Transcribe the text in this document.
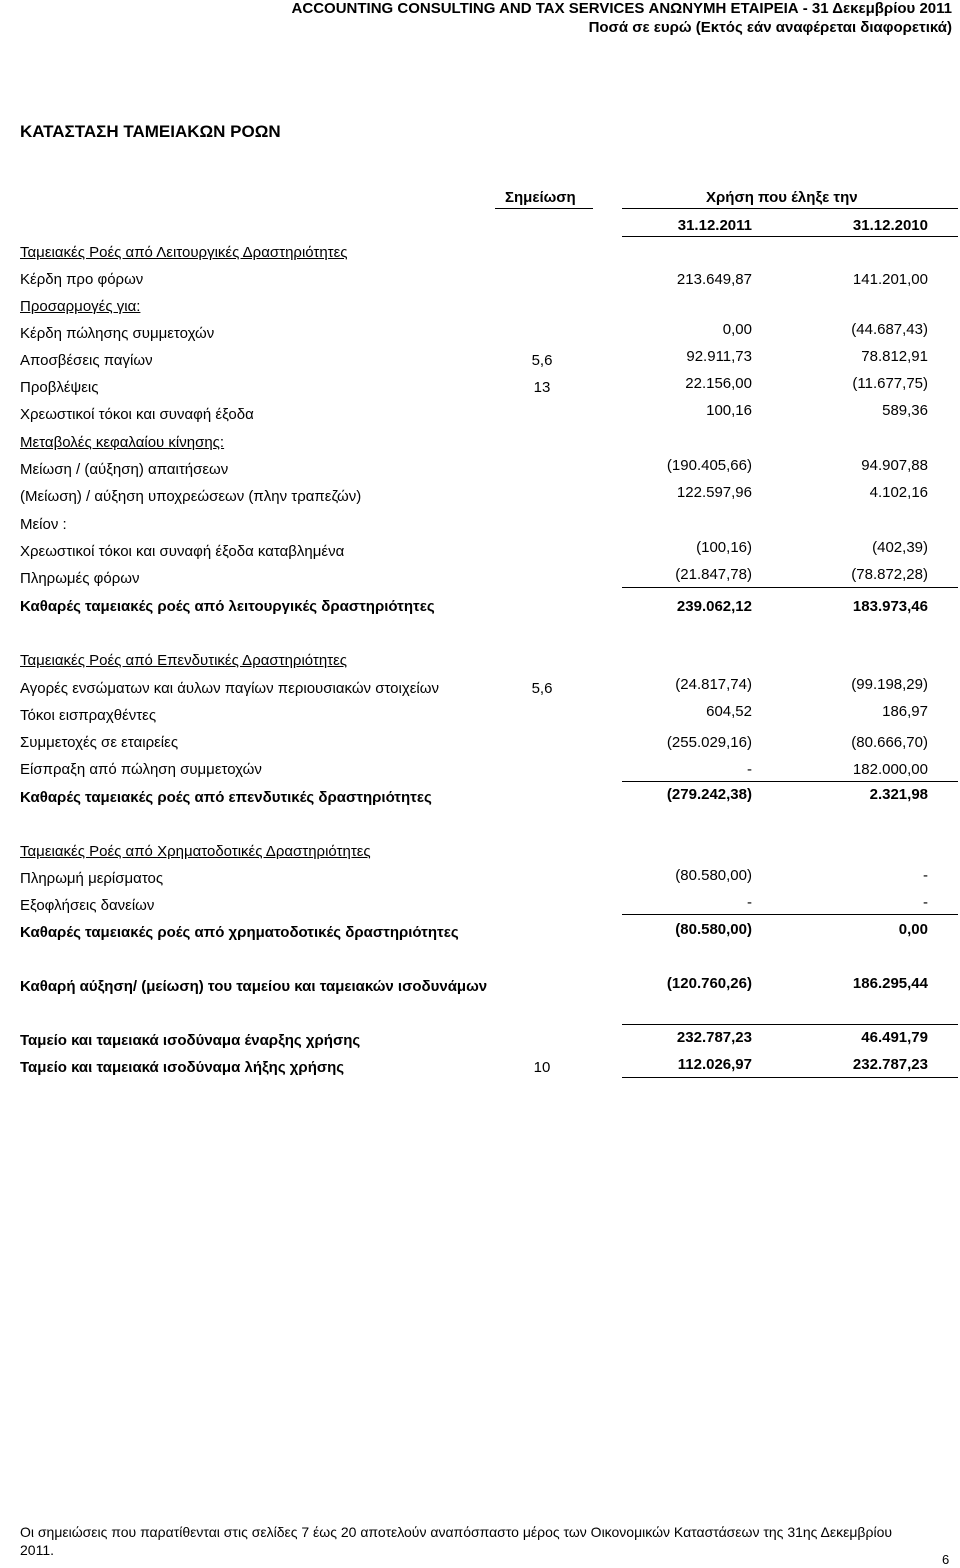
ACCOUNTING CONSULTING AND TAX SERVICES ΑΝΩΝΥΜΗ ΕΤΑΙΡΕΙΑ - 31 Δεκεμβρίου 2011
Ποσά σε ευρώ (Εκτός εάν αναφέρεται διαφορετικά)
ΚΑΤΑΣΤΑΣΗ ΤΑΜΕΙΑΚΩΝ ΡΟΩΝ
Σημείωση	Χρήση που έληξε την
31.12.2011	31.12.2010
Ταμειακές Ροές από Λειτουργικές Δραστηριότητες
Κέρδη προ φόρων	213.649,87	141.201,00
Προσαρμογές για:
Κέρδη πώλησης συμμετοχών	0,00	(44.687,43)
Αποσβέσεις παγίων	5,6	92.911,73	78.812,91
Προβλέψεις	13	22.156,00	(11.677,75)
Χρεωστικοί τόκοι και συναφή έξοδα	100,16	589,36
Μεταβολές κεφαλαίου κίνησης:
Μείωση / (αύξηση) απαιτήσεων	(190.405,66)	94.907,88
(Μείωση) / αύξηση υποχρεώσεων (πλην τραπεζών)	122.597,96	4.102,16
Μείον :
Χρεωστικοί τόκοι και συναφή έξοδα καταβλημένα	(100,16)	(402,39)
Πληρωμές φόρων	(21.847,78)	(78.872,28)
Καθαρές ταμειακές ροές από λειτουργικές δραστηριότητες	239.062,12	183.973,46
Ταμειακές Ροές από Επενδυτικές Δραστηριότητες
Αγορές ενσώματων και άυλων παγίων περιουσιακών στοιχείων	5,6	(24.817,74)	(99.198,29)
Τόκοι εισπραχθέντες	604,52	186,97
Συμμετοχές σε εταιρείες	(255.029,16)	(80.666,70)
Είσπραξη από πώληση συμμετοχών	-	182.000,00
Καθαρές ταμειακές ροές από επενδυτικές δραστηριότητες	(279.242,38)	2.321,98
Ταμειακές Ροές από Χρηματοδοτικές Δραστηριότητες
Πληρωμή μερίσματος	(80.580,00)	-
Εξοφλήσεις δανείων	-	-
Καθαρές ταμειακές ροές από χρηματοδοτικές δραστηριότητες	(80.580,00)	0,00
Καθαρή αύξηση/ (μείωση) του ταμείου και ταμειακών ισοδυνάμων	(120.760,26)	186.295,44
Ταμείο και ταμειακά ισοδύναμα έναρξης χρήσης	232.787,23	46.491,79
Ταμείο και ταμειακά ισοδύναμα λήξης χρήσης	10	112.026,97	232.787,23
Οι σημειώσεις που παρατίθενται στις σελίδες 7 έως 20 αποτελούν αναπόσπαστο μέρος των Οικονομικών Καταστάσεων της 31ης Δεκεμβρίου
2011.
6
